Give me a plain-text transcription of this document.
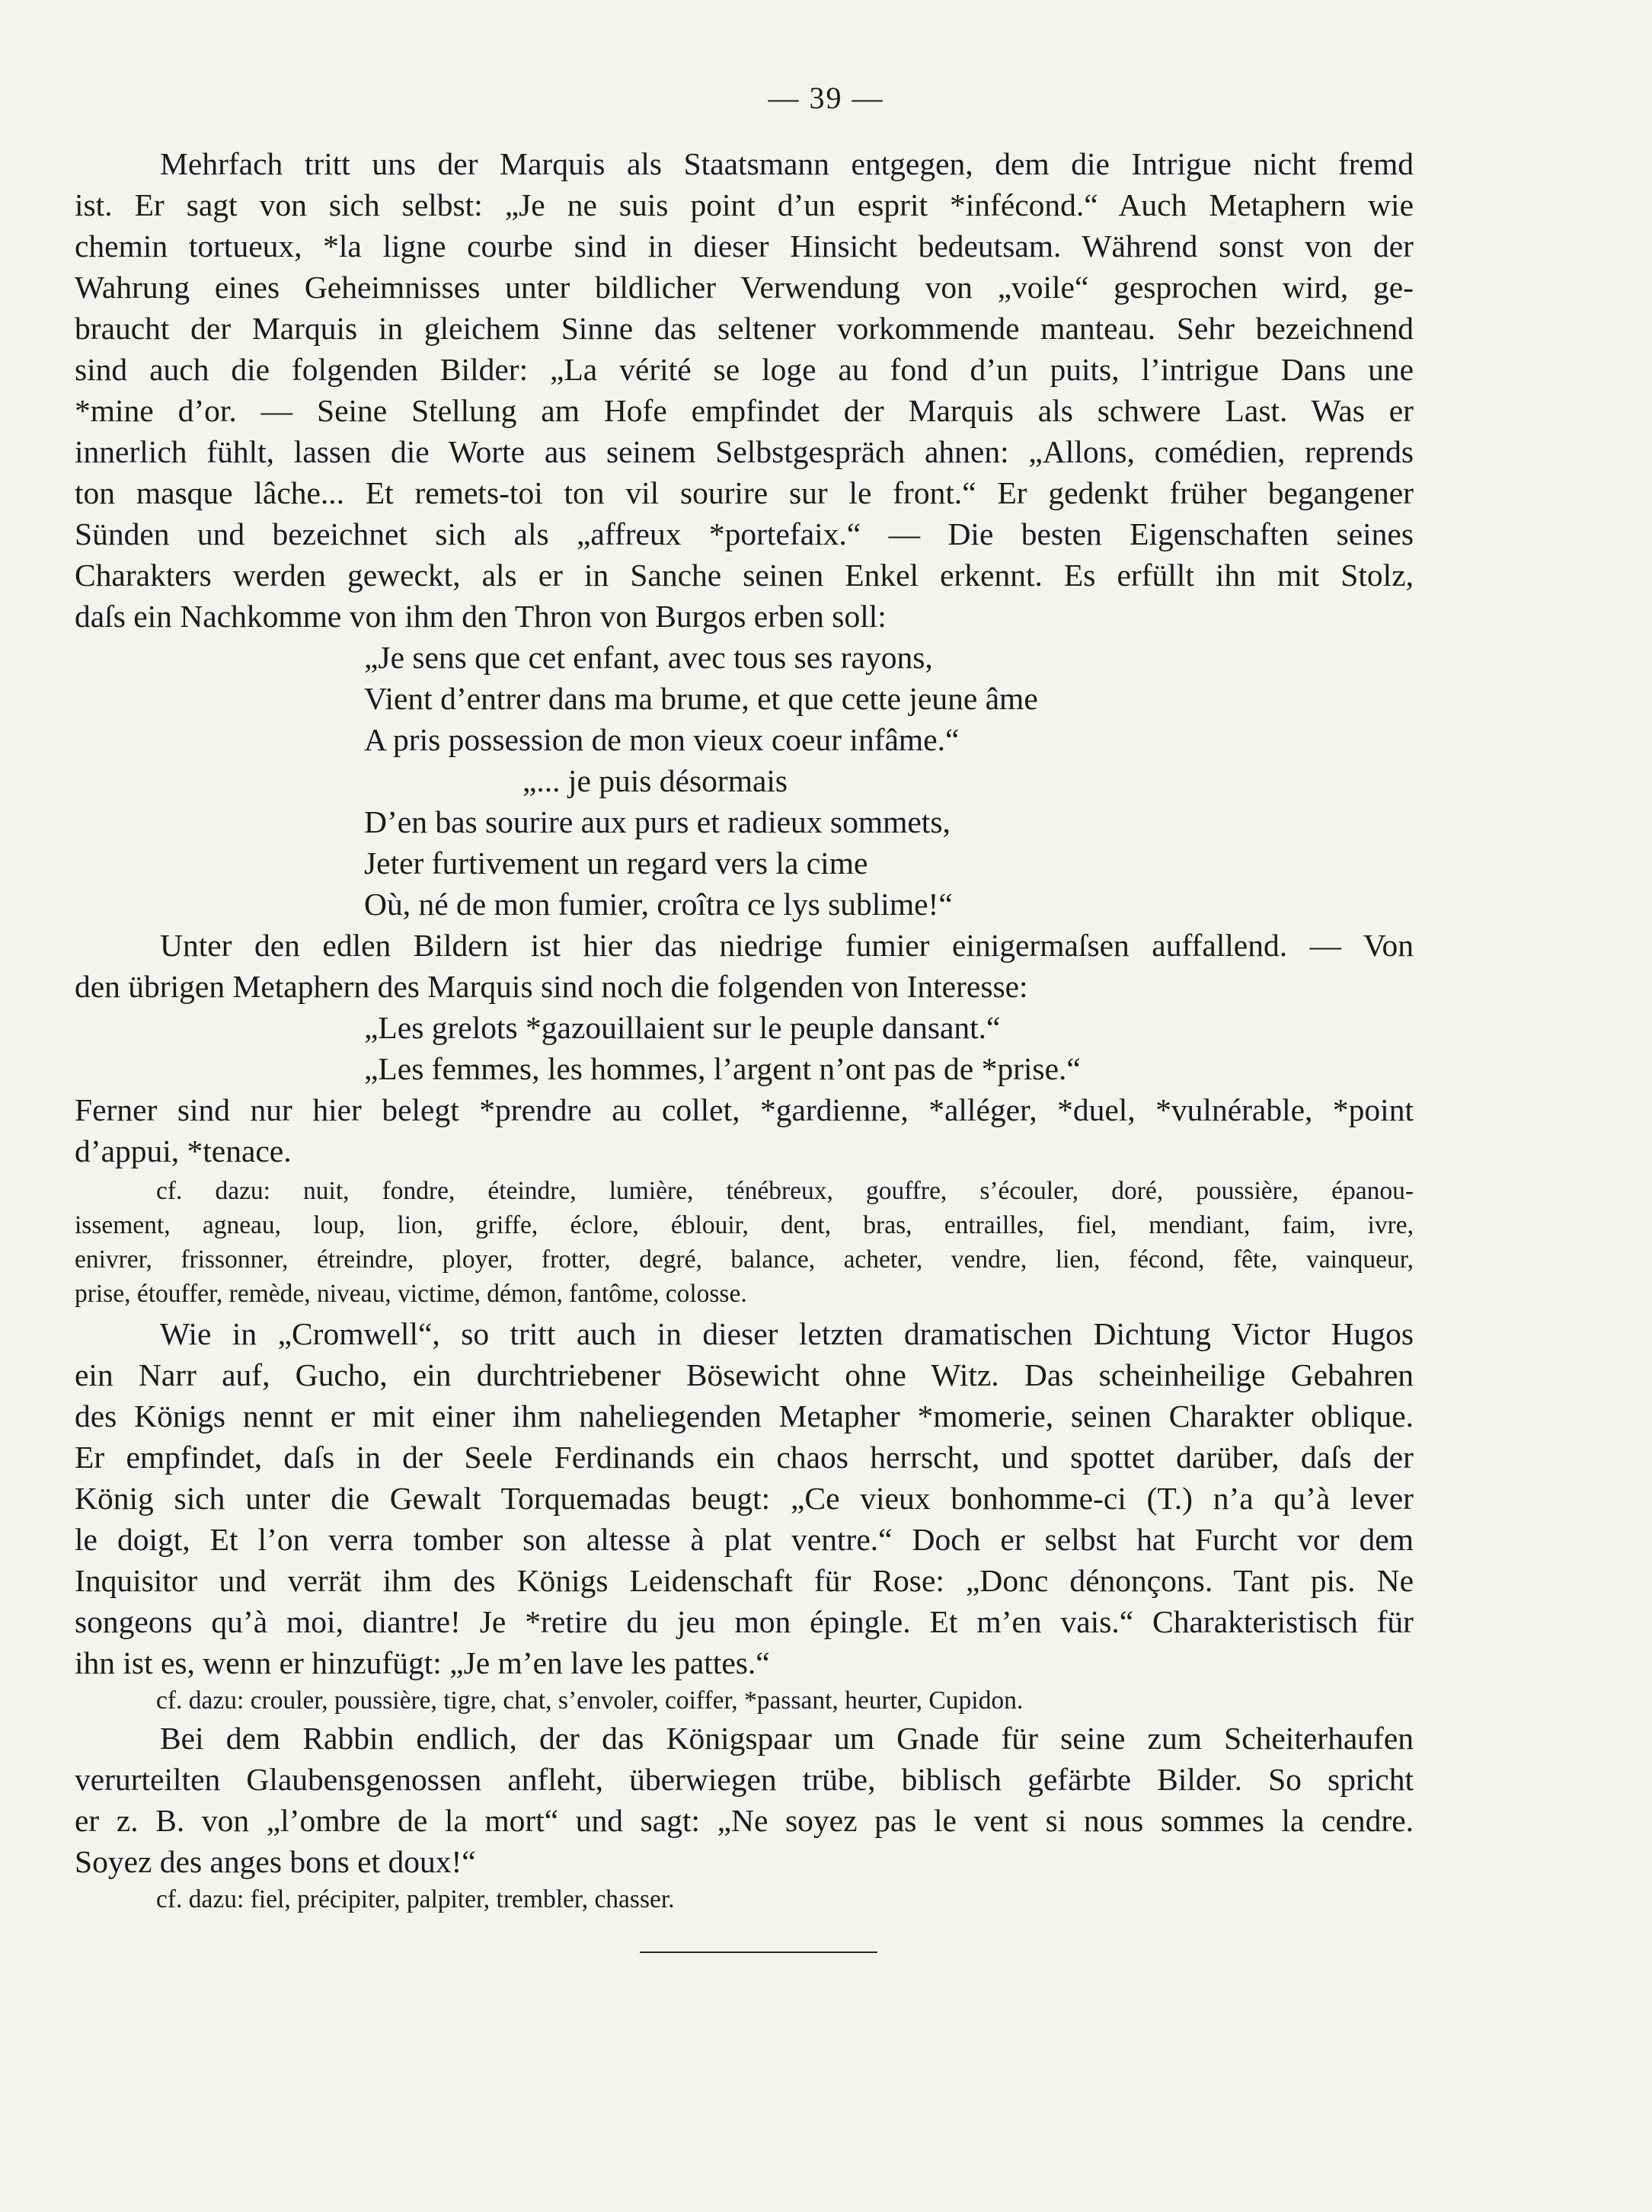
— 39 —
Mehrfach tritt uns der Marquis als Staatsmann entgegen, dem die Intrigue nicht fremd
ist. Er sagt von sich selbst: „Je ne suis point d’un esprit *infécond.“ Auch Metaphern wie
chemin tortueux, *la ligne courbe sind in dieser Hinsicht bedeutsam. Während sonst von der
Wahrung eines Geheimnisses unter bildlicher Verwendung von „voile“ gesprochen wird, ge-
braucht der Marquis in gleichem Sinne das seltener vorkommende manteau. Sehr bezeichnend
sind auch die folgenden Bilder: „La vérité se loge au fond d’un puits, l’intrigue Dans une
*mine d’or. — Seine Stellung am Hofe empfindet der Marquis als schwere Last. Was er
innerlich fühlt, lassen die Worte aus seinem Selbstgespräch ahnen: „Allons, comédien, reprends
ton masque lâche... Et remets-toi ton vil sourire sur le front.“ Er gedenkt früher begangener
Sünden und bezeichnet sich als „affreux *portefaix.“ — Die besten Eigenschaften seines
Charakters werden geweckt, als er in Sanche seinen Enkel erkennt. Es erfüllt ihn mit Stolz,
daſs ein Nachkomme von ihm den Thron von Burgos erben soll:
„Je sens que cet enfant, avec tous ses rayons,
Vient d’entrer dans ma brume, et que cette jeune âme
A pris possession de mon vieux coeur infâme.“
„... je puis désormais
D’en bas sourire aux purs et radieux sommets,
Jeter furtivement un regard vers la cime
Où, né de mon fumier, croîtra ce lys sublime!“
Unter den edlen Bildern ist hier das niedrige fumier einigermaſsen auffallend. — Von
den übrigen Metaphern des Marquis sind noch die folgenden von Interesse:
„Les grelots *gazouillaient sur le peuple dansant.“
„Les femmes, les hommes, l’argent n’ont pas de *prise.“
Ferner sind nur hier belegt *prendre au collet, *gardienne, *alléger, *duel, *vulnérable, *point
d’appui, *tenace.
cf. dazu: nuit, fondre, éteindre, lumière, ténébreux, gouffre, s’écouler, doré, poussière, épanou-
issement, agneau, loup, lion, griffe, éclore, éblouir, dent, bras, entrailles, fiel, mendiant, faim, ivre,
enivrer, frissonner, étreindre, ployer, frotter, degré, balance, acheter, vendre, lien, fécond, fête, vainqueur,
prise, étouffer, remède, niveau, victime, démon, fantôme, colosse.
Wie in „Cromwell“, so tritt auch in dieser letzten dramatischen Dichtung Victor Hugos
ein Narr auf, Gucho, ein durchtriebener Bösewicht ohne Witz. Das scheinheilige Gebahren
des Königs nennt er mit einer ihm naheliegenden Metapher *momerie, seinen Charakter oblique.
Er empfindet, daſs in der Seele Ferdinands ein chaos herrscht, und spottet darüber, daſs der
König sich unter die Gewalt Torquemadas beugt: „Ce vieux bonhomme-ci (T.) n’a qu’à lever
le doigt, Et l’on verra tomber son altesse à plat ventre.“ Doch er selbst hat Furcht vor dem
Inquisitor und verrät ihm des Königs Leidenschaft für Rose: „Donc dénonçons. Tant pis. Ne
songeons qu’à moi, diantre! Je *retire du jeu mon épingle. Et m’en vais.“ Charakteristisch für
ihn ist es, wenn er hinzufügt: „Je m’en lave les pattes.“
cf. dazu: crouler, poussière, tigre, chat, s’envoler, coiffer, *passant, heurter, Cupidon.
Bei dem Rabbin endlich, der das Königspaar um Gnade für seine zum Scheiterhaufen
verurteilten Glaubensgenossen anfleht, überwiegen trübe, biblisch gefärbte Bilder. So spricht
er z. B. von „l’ombre de la mort“ und sagt: „Ne soyez pas le vent si nous sommes la cendre.
Soyez des anges bons et doux!“
cf. dazu: fiel, précipiter, palpiter, trembler, chasser.
